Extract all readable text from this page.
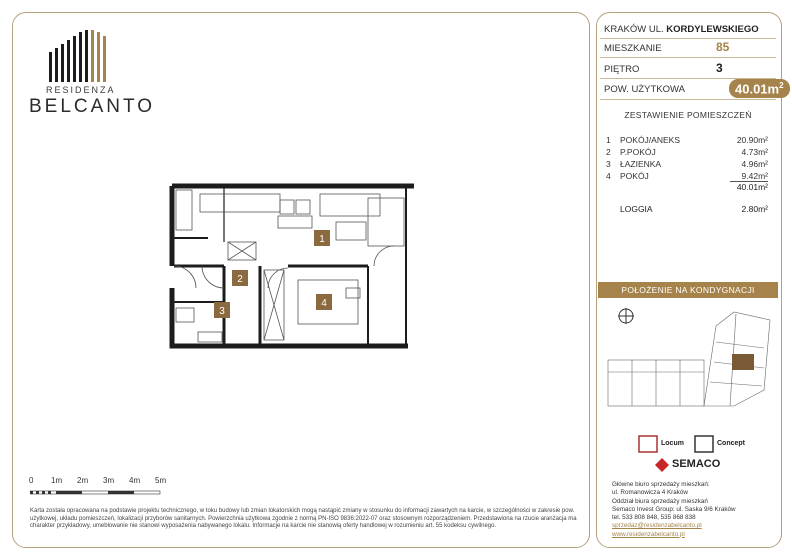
RESIDENZA
BELCANTO
1
2
3
4
0 1m 2m 3m 4m 5m
Karta została opracowana na podstawie projektu technicznego, w toku budowy lub zmian lokatorskich mogą nastąpić zmiany w stosunku do informacji zawartych na karcie, w szczególności w zakresie pow. użytkowej, układu pomieszczeń, lokalizacji przyborów sanitarnych. Powierzchnia użytkowa zgodnie z normą PN-ISO 9836:2022-07 oraz stosownym rozporządzeniem. Przedstawiona na rzucie aranżacja ma charakter przykładowy, umeblowanie nie stanowi wyposażenia nabywanego lokalu. Informacje na karcie nie stanowią oferty handlowej w rozumieniu art. 55 kodeksu cywilnego.
KRAKÓW UL. KORDYLEWSKIEGO
MIESZKANIE	85
PIĘTRO	3
POW. UŻYTKOWA	$40.01m^2$
ZESTAWIENIE POMIESZCZEŃ
1 POKÓJ/ANEKS	20.90m²
2 P.POKÓJ	4.73m²
3 ŁAZIENKA	4.96m²
4 POKÓJ	9.42m²
40.01m²
LOGGIA	2.80m²
POŁOŻENIE NA KONDYGNACJI
Locum	Concept
SEMACO
Główne biuro sprzedaży mieszkań:
ul. Romanowicza 4 Kraków
Oddział biura sprzedaży mieszkań
Semaco Invest Group: ul. Saska 9/6 Kraków
tel. 533 808 848, 535 868 838
sprzedaz@residenzabelcanto.pl
www.residenzabelcanto.pl
